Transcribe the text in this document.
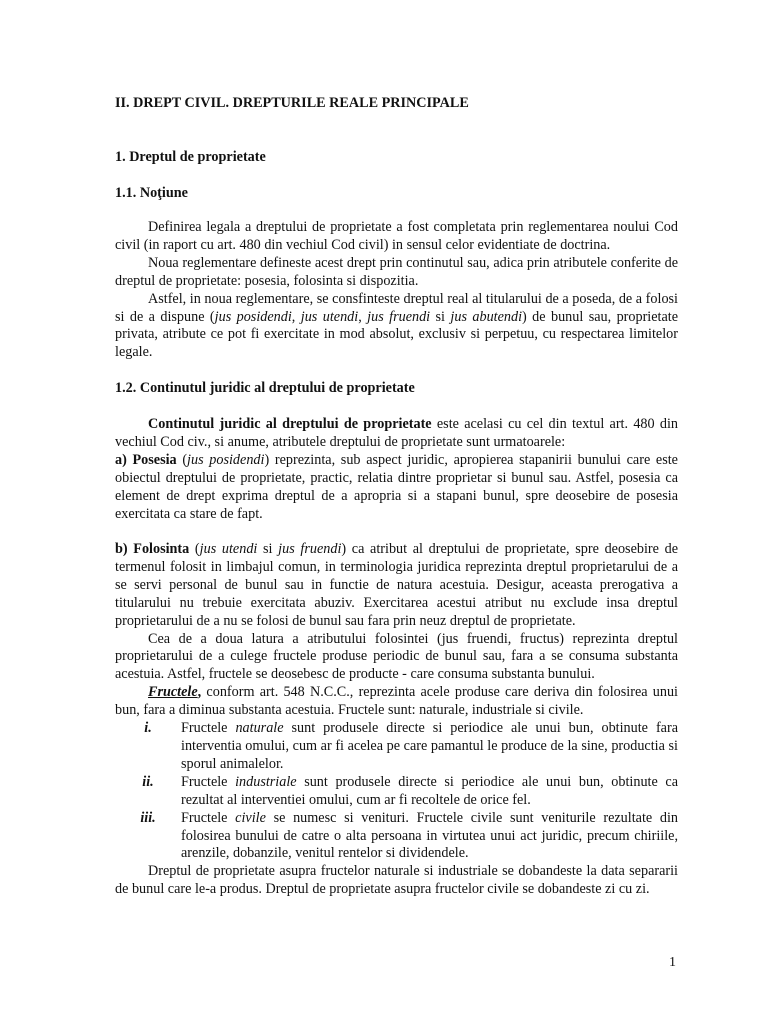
II. DREPT CIVIL. DREPTURILE REALE PRINCIPALE
1. Dreptul de proprietate
1.1. Noţiune

Definirea legala a dreptului de proprietate a fost completata prin reglementarea noului Cod civil (in raport cu art. 480 din vechiul Cod civil) in sensul celor evidentiate de doctrina.

Noua reglementare defineste acest drept prin continutul sau, adica prin atributele conferite de dreptul de proprietate: posesia, folosinta si dispozitia.

Astfel, in noua reglementare, se consfinteste dreptul real al titularului de a poseda, de a folosi si de a dispune (jus posidendi, jus utendi, jus fruendi si jus abutendi) de bunul sau, proprietate privata, atribute ce pot fi exercitate in mod absolut, exclusiv si perpetuu, cu respectarea limitelor legale.

1.2. Continutul juridic al dreptului de proprietate

Continutul juridic al dreptului de proprietate este acelasi cu cel din textul art. 480 din vechiul Cod civ., si anume, atributele dreptului de proprietate sunt urmatoarele:

a) Posesia (jus posidendi) reprezinta, sub aspect juridic, apropierea stapanirii bunului care este obiectul dreptului de proprietate, practic, relatia dintre proprietar si bunul sau. Astfel, posesia ca element de drept exprima dreptul de a apropria si a stapani bunul, spre deosebire de posesia exercitata ca stare de fapt.

b) Folosinta (jus utendi si jus fruendi) ca atribut al dreptului de proprietate, spre deosebire de termenul folosit in limbajul comun, in terminologia juridica reprezinta dreptul proprietarului de a se servi personal de bunul sau in functie de natura acestuia. Desigur, aceasta prerogativa a titularului nu trebuie exercitata abuziv. Exercitarea acestui atribut nu exclude insa dreptul proprietarului de a nu se folosi de bunul sau fara prin neuz dreptul de proprietate.

Cea de a doua latura a atributului folosintei (jus fruendi, fructus) reprezinta dreptul proprietarului de a culege fructele produse periodic de bunul sau, fara a se consuma substanta acestuia. Astfel, fructele se deosebesc de producte - care consuma substanta bunului.

Fructele, conform art. 548 N.C.C., reprezinta acele produse care deriva din folosirea unui bun, fara a diminua substanta acestuia. Fructele sunt: naturale, industriale si civile.

i.	Fructele naturale sunt produsele directe si periodice ale unui bun, obtinute fara interventia omului, cum ar fi acelea pe care pamantul le produce de la sine, productia si sporul animalelor.
ii.	Fructele industriale sunt produsele directe si periodice ale unui bun, obtinute ca rezultat al interventiei omului, cum ar fi recoltele de orice fel.
iii.	Fructele civile se numesc si venituri. Fructele civile sunt veniturile rezultate din folosirea bunului de catre o alta persoana in virtutea unui act juridic, precum chiriile, arenzile, dobanzile, venitul rentelor si dividendele.

Dreptul de proprietate asupra fructelor naturale si industriale se dobandeste la data separarii de bunul care le-a produs. Dreptul de proprietate asupra fructelor civile se dobandeste zi cu zi.

1
